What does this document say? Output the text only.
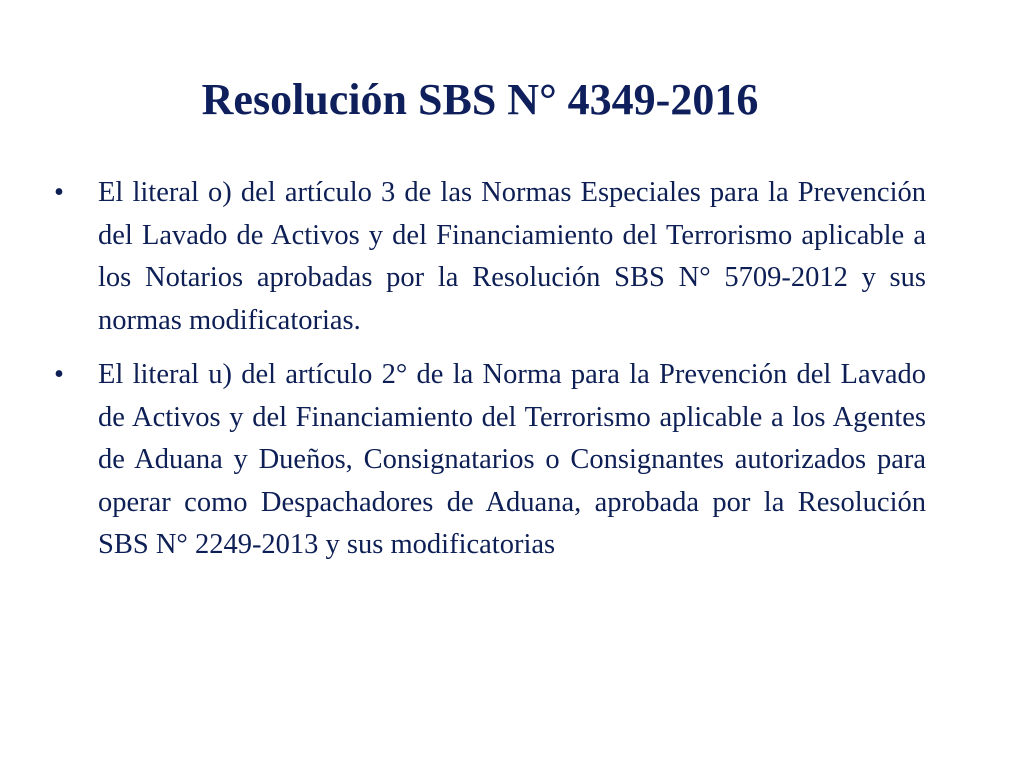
Resolución SBS N° 4349-2016
•	El literal o) del artículo 3 de las Normas Especiales para la Prevención del Lavado de Activos y del Financiamiento del Terrorismo aplicable a los Notarios aprobadas por la Resolución SBS N° 5709-2012 y sus normas modificatorias.
•	El literal u) del artículo 2° de la Norma para la Prevención del Lavado de Activos y del Financiamiento del Terrorismo aplicable a los Agentes de Aduana y Dueños, Consignatarios o Consignantes autorizados para operar como Despachadores de Aduana, aprobada por la Resolución SBS N° 2249-2013 y sus modificatorias
